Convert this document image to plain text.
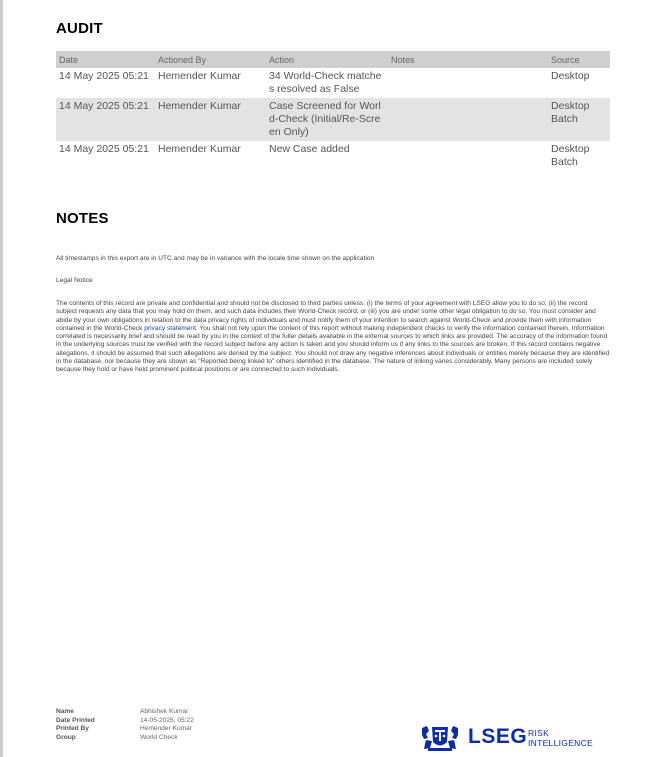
AUDIT
Date	Actioned By	Action	Notes	Source
14 May 2025 05:21	Hemender Kumar	34 World-Check matches resolved as False		Desktop
14 May 2025 05:21	Hemender Kumar	Case Screened for World-Check (Initial/Re-Screen Only)		Desktop Batch
14 May 2025 05:21	Hemender Kumar	New Case added		Desktop Batch
NOTES
All timestamps in this export are in UTC and may be in variance with the locale time shown on the application
Legal Notice
The contents of this record are private and confidential and should not be disclosed to third parties unless: (i) the terms of your agreement with LSEG allow you to do so; (ii) the record subject requests any data that you may hold on them, and such data includes their World-Check record; or (iii) you are under some other legal obligation to do so. You must consider and abide by your own obligations in relation to the data privacy rights of individuals and must notify them of your intention to search against World-Check and provide them with information contained in the World-Check privacy statement. You shall not rely upon the content of this report without making independent checks to verify the information contained therein. Information correlated is necessarily brief and should be read by you in the context of the fuller details available in the external sources to which links are provided. The accuracy of the information found in the underlying sources must be verified with the record subject before any action is taken and you should inform us if any links to the sources are broken. If this record contains negative allegations, it should be assumed that such allegations are denied by the subject. You should not draw any negative inferences about individuals or entities merely because they are identified in the database, nor because they are shown as "Reported being linked to" others identified in the database. The nature of linking varies considerably. Many persons are included solely because they hold or have held prominent political positions or are connected to such individuals.
Name	Abhishek Kumar
Date Printed	14-05-2025, 05:22
Printed By	Hemender Kumar
Group	World Check	LSEG RISK
INTELLIGENCE
